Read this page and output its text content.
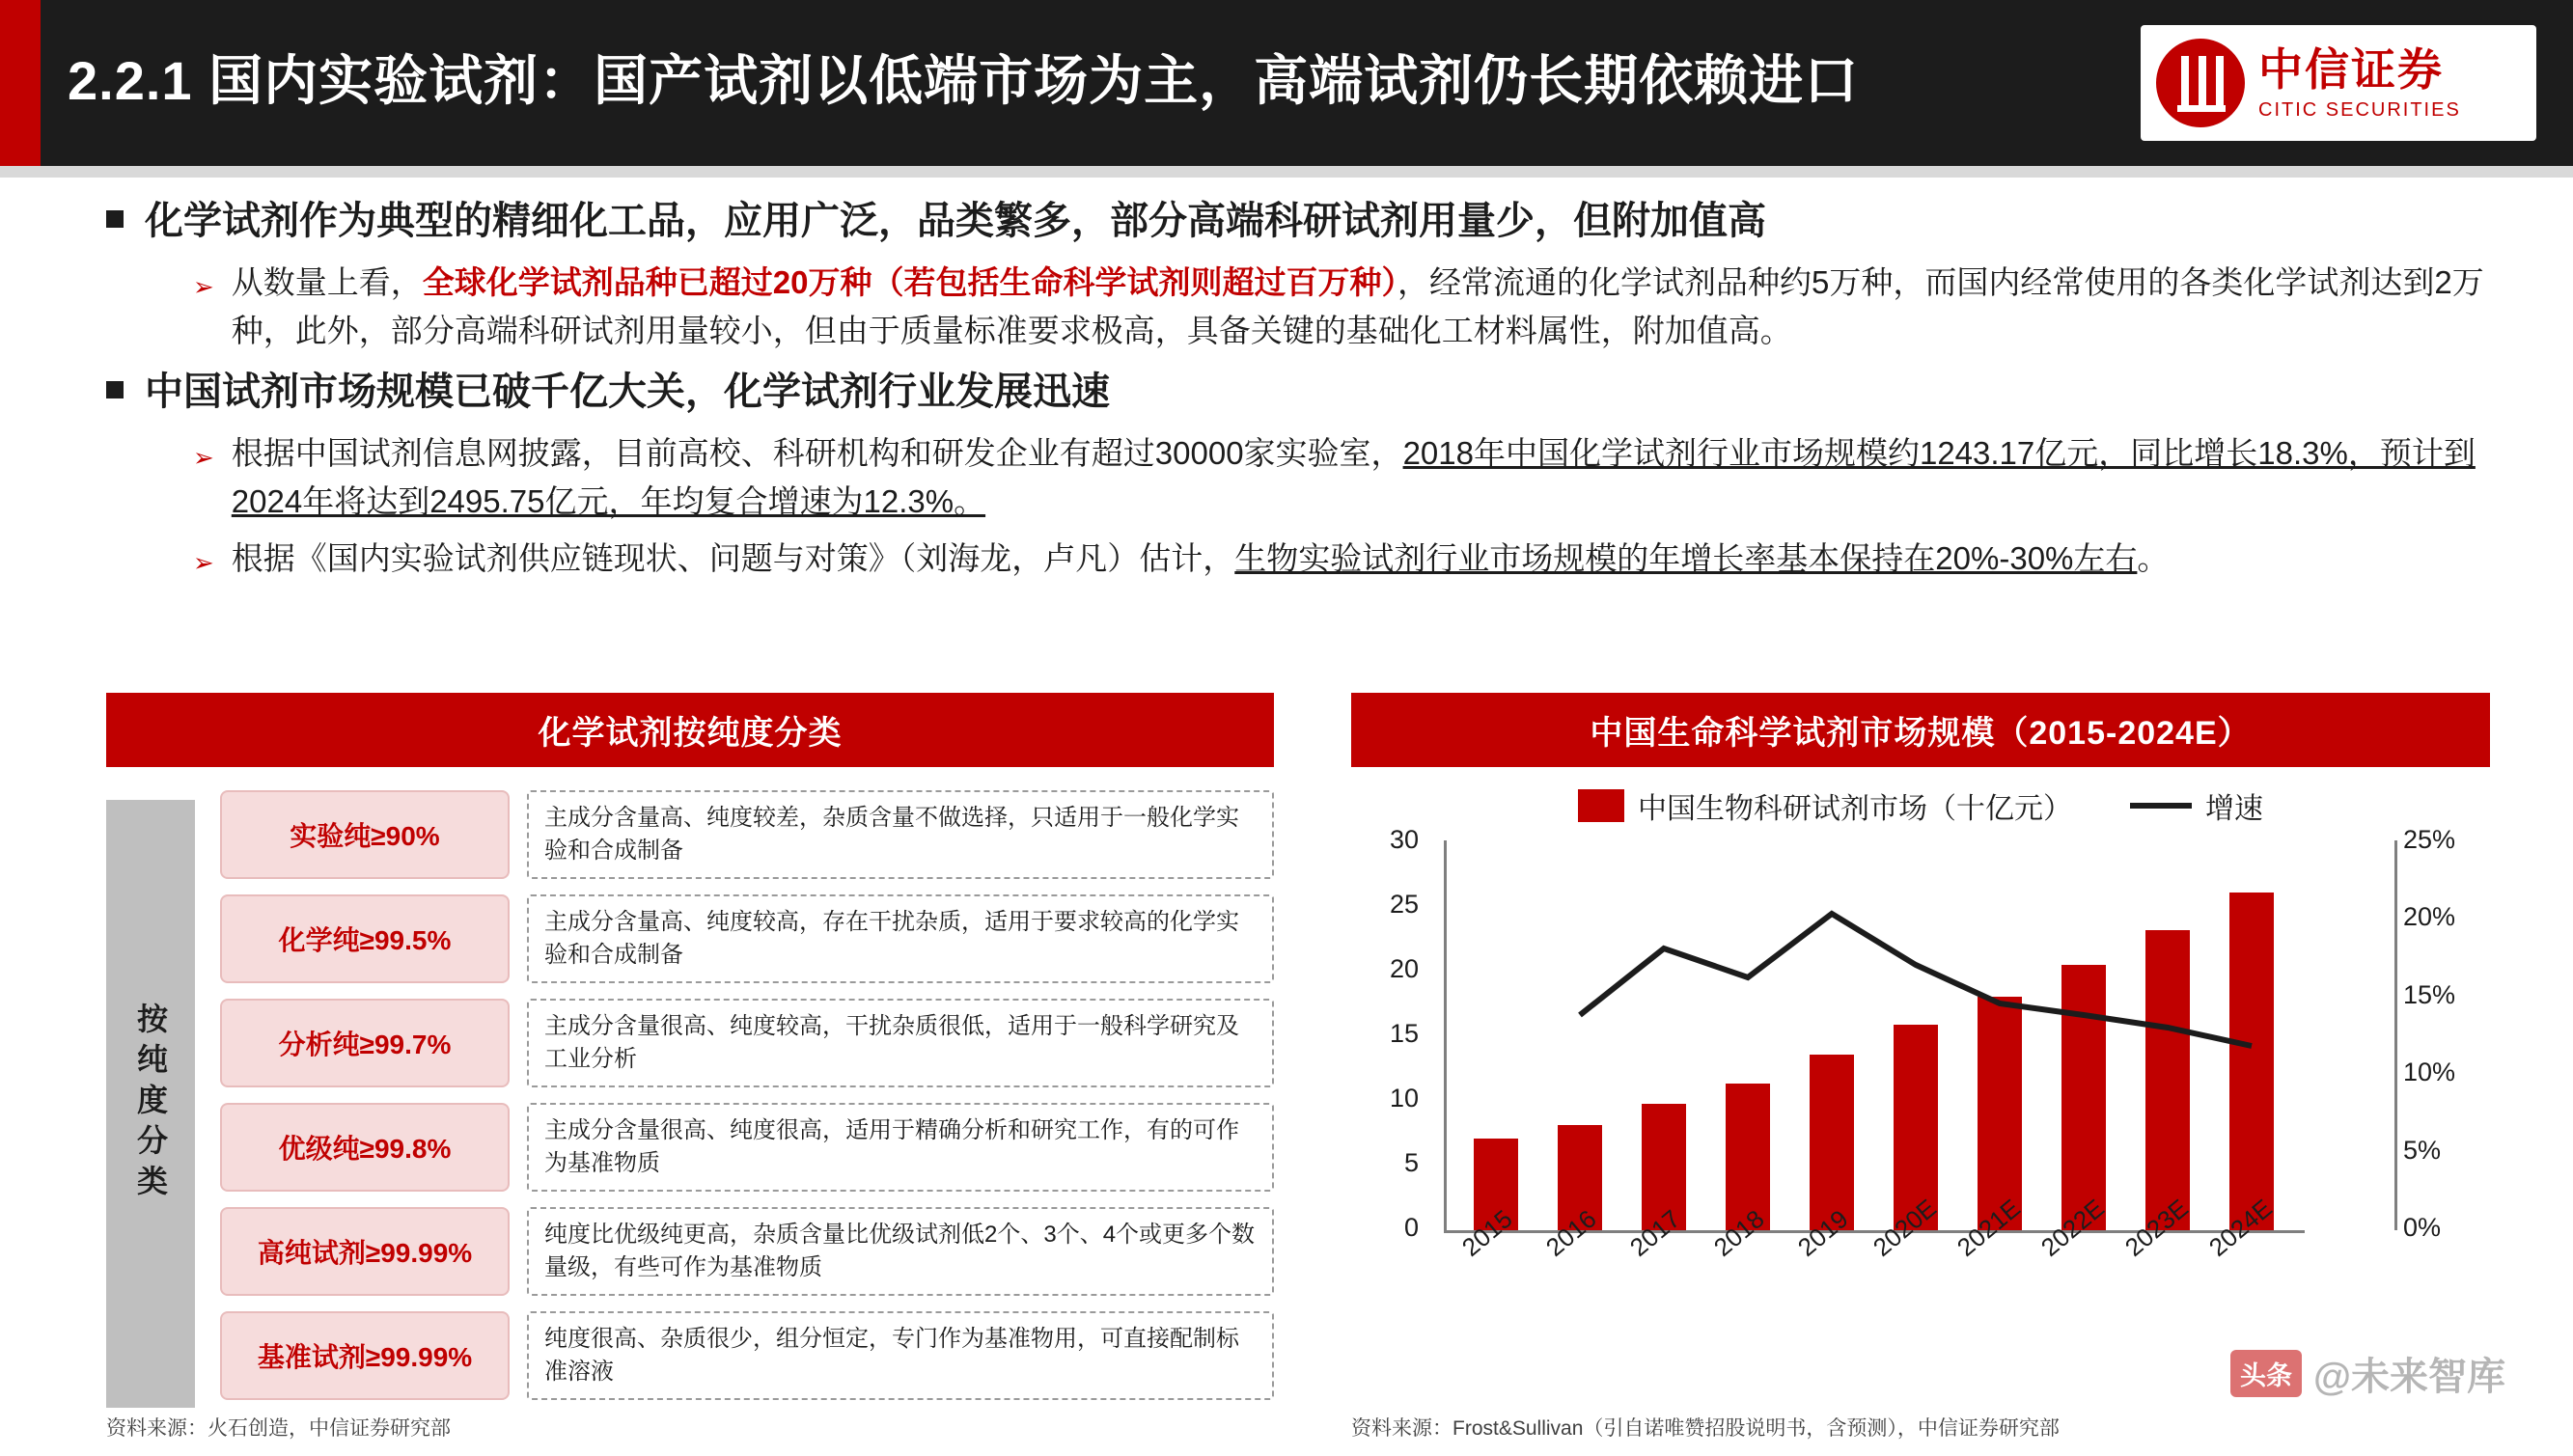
2.2.1 国内实验试剂：国产试剂以低端市场为主，高端试剂仍长期依赖进口	中信证券
CITIC SECURITIES
化学试剂作为典型的精细化工品，应用广泛，品类繁多，部分高端科研试剂用量少，但附加值高
➢ 从数量上看，全球化学试剂品种已超过20万种（若包括生命科学试剂则超过百万种），经常流通的化学试剂品种约5万种，而国内经常使用的各类化学试剂达到2万种，此外，部分高端科研试剂用量较小，但由于质量标准要求极高，具备关键的基础化工材料属性，附加值高。
中国试剂市场规模已破千亿大关，化学试剂行业发展迅速
➢ 根据中国试剂信息网披露，目前高校、科研机构和研发企业有超过30000家实验室，2018年中国化学试剂行业市场规模约1243.17亿元，同比增长18.3%，预计到2024年将达到2495.75亿元，年均复合增速为12.3%。
➢ 根据《国内实验试剂供应链现状、问题与对策》（刘海龙，卢凡）估计，生物实验试剂行业市场规模的年增长率基本保持在20%-30%左右。
化学试剂按纯度分类
按纯度分类
实验纯≥90%
主成分含量高、纯度较差，杂质含量不做选择，只适用于一般化学实验和合成制备
化学纯≥99.5%
主成分含量高、纯度较高，存在干扰杂质，适用于要求较高的化学实验和合成制备
分析纯≥99.7%
主成分含量很高、纯度较高，干扰杂质很低，适用于一般科学研究及工业分析
优级纯≥99.8%
主成分含量很高、纯度很高，适用于精确分析和研究工作，有的可作为基准物质
高纯试剂≥99.99%
纯度比优级纯更高，杂质含量比优级试剂低2个、3个、4个或更多个数量级，有些可作为基准物质
基准试剂≥99.99%
纯度很高、杂质很少，组分恒定，专门作为基准物用，可直接配制标准溶液
资料来源：火石创造，中信证券研究部
中国生命科学试剂市场规模（2015-2024E）
中国生物科研试剂市场（十亿元）	增速
30
25
20
15
10
5
0
25%
20%
15%
10%
5%
0%
2015 2016 2017 2018 2019 2020E 2021E 2022E 2023E 2024E
资料来源：Frost&Sullivan（引自诺唯赞招股说明书，含预测），中信证券研究部
头条 @未来智库
